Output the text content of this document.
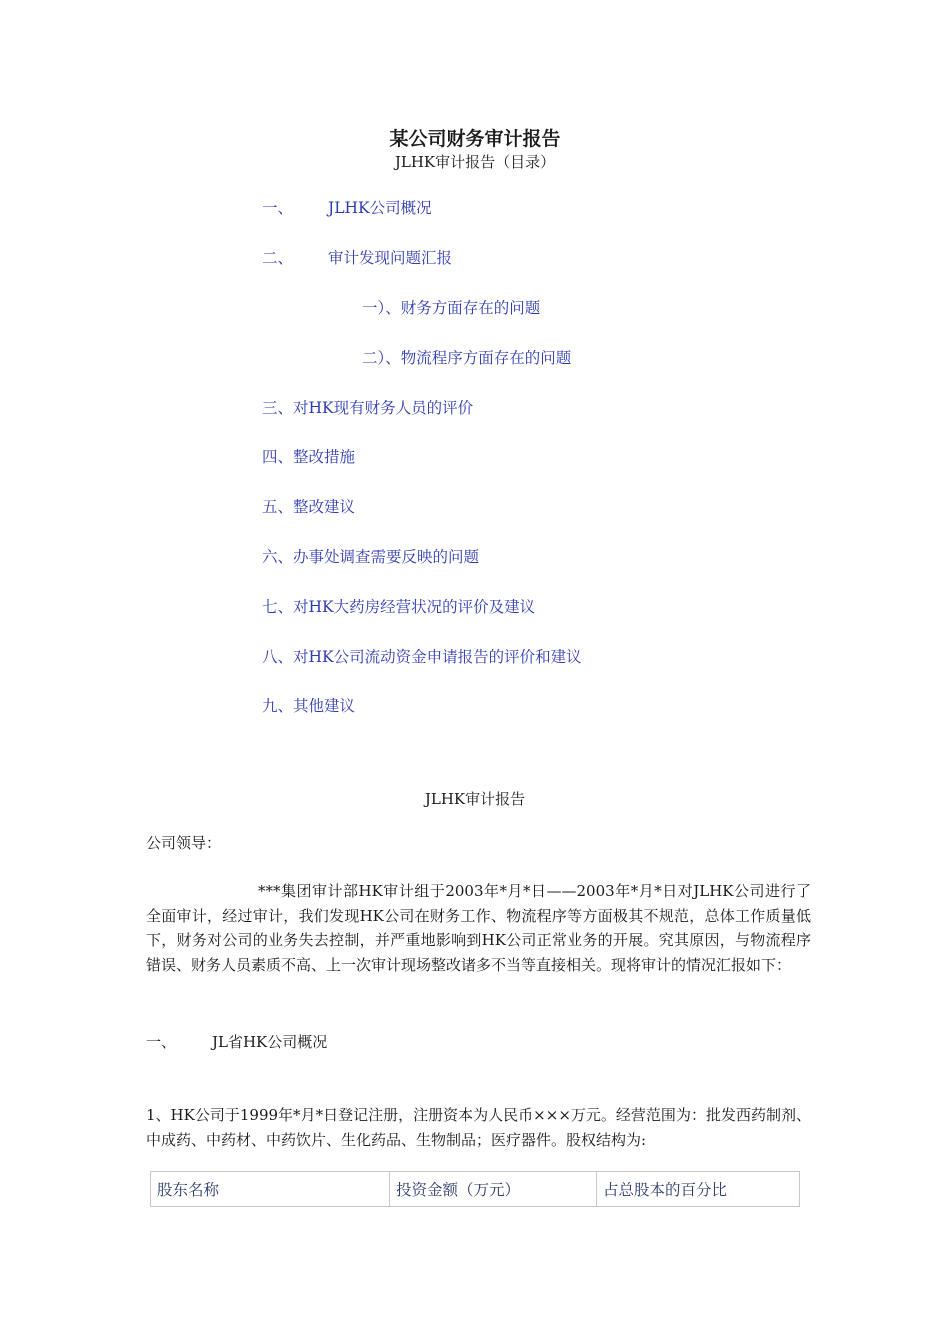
某公司财务审计报告
JLHK审计报告（目录）
一、 JLHK公司概况
二、 审计发现问题汇报
一）、财务方面存在的问题
二）、物流程序方面存在的问题
三、对HK现有财务人员的评价
四、整改措施
五、整改建议
六、办事处调查需要反映的问题
七、对HK大药房经营状况的评价及建议
八、对HK公司流动资金申请报告的评价和建议
九、其他建议
JLHK审计报告
公司领导：
***集团审计部HK审计组于2003年*月*日——2003年*月*日对JLHK公司进行了全面审计，经过审计，我们发现HK公司在财务工作、物流程序等方面极其不规范，总体工作质量低下，财务对公司的业务失去控制，并严重地影响到HK公司正常业务的开展。究其原因，与物流程序错误、财务人员素质不高、上一次审计现场整改诸多不当等直接相关。现将审计的情况汇报如下：
一、 JL省HK公司概况
1、HK公司于1999年*月*日登记注册，注册资本为人民币×××万元。经营范围为：批发西药制剂、中成药、中药材、中药饮片、生化药品、生物制品；医疗器件。股权结构为:
股东名称	投资金额（万元）	占总股本的百分比
